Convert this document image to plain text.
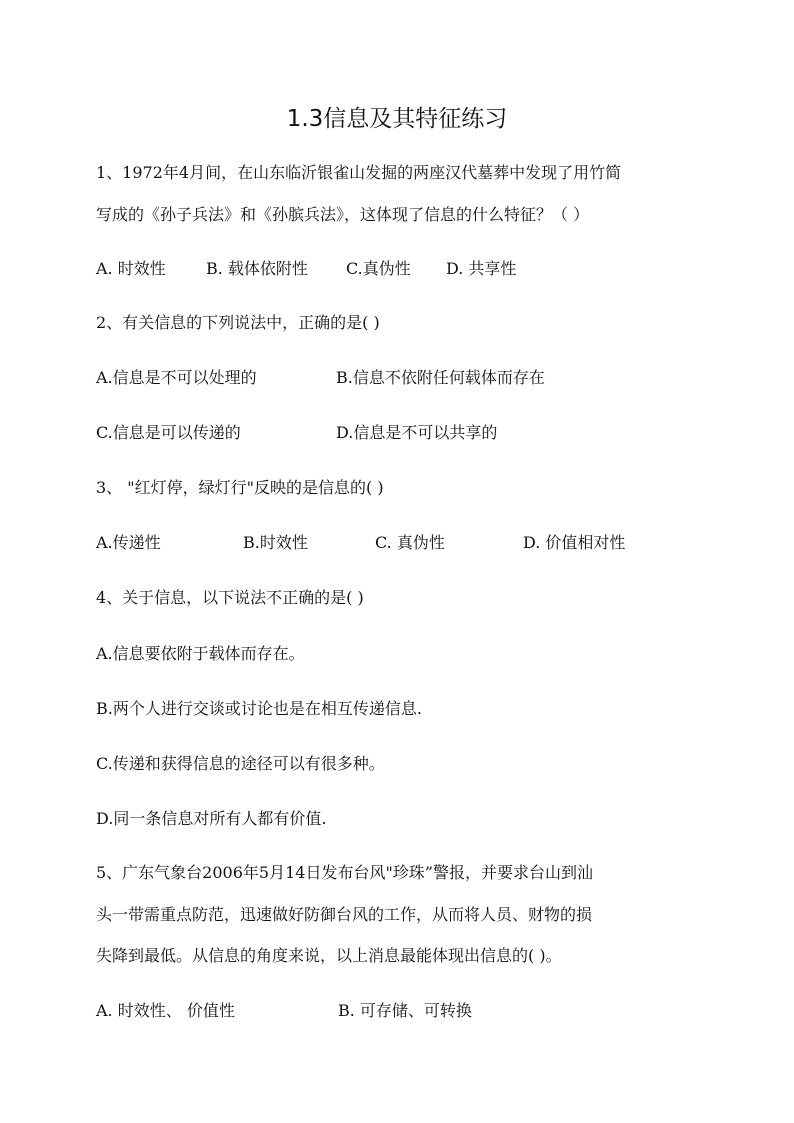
1.3信息及其特征练习
1、1972年4月间，在山东临沂银雀山发掘的两座汉代墓葬中发现了用竹简
写成的《孙子兵法》和《孙膑兵法》，这体现了信息的什么特征？（ ）
A. 时效性	B. 载体依附性 C.真伪性 D. 共享性
2、有关信息的下列说法中，正确的是( )
A.信息是不可以处理的	B.信息不依附任何载体而存在
C.信息是可以传递的	D.信息是不可以共享的
3、 "红灯停，绿灯行"反映的是信息的( )
A.传递性	B.时效性	C. 真伪性	D. 价值相对性
4、关于信息，以下说法不正确的是( )
A.信息要依附于载体而存在。
B.两个人进行交谈或讨论也是在相互传递信息.
C.传递和获得信息的途径可以有很多种。
D.同一条信息对所有人都有价值.
5、广东气象台2006年5月14日发布台风"珍珠”警报，并要求台山到汕
头一带需重点防范，迅速做好防御台风的工作，从而将人员、财物的损
失降到最低。从信息的角度来说，以上消息最能体现出信息的( )。
A. 时效性、 价值性	B. 可存储、可转换
